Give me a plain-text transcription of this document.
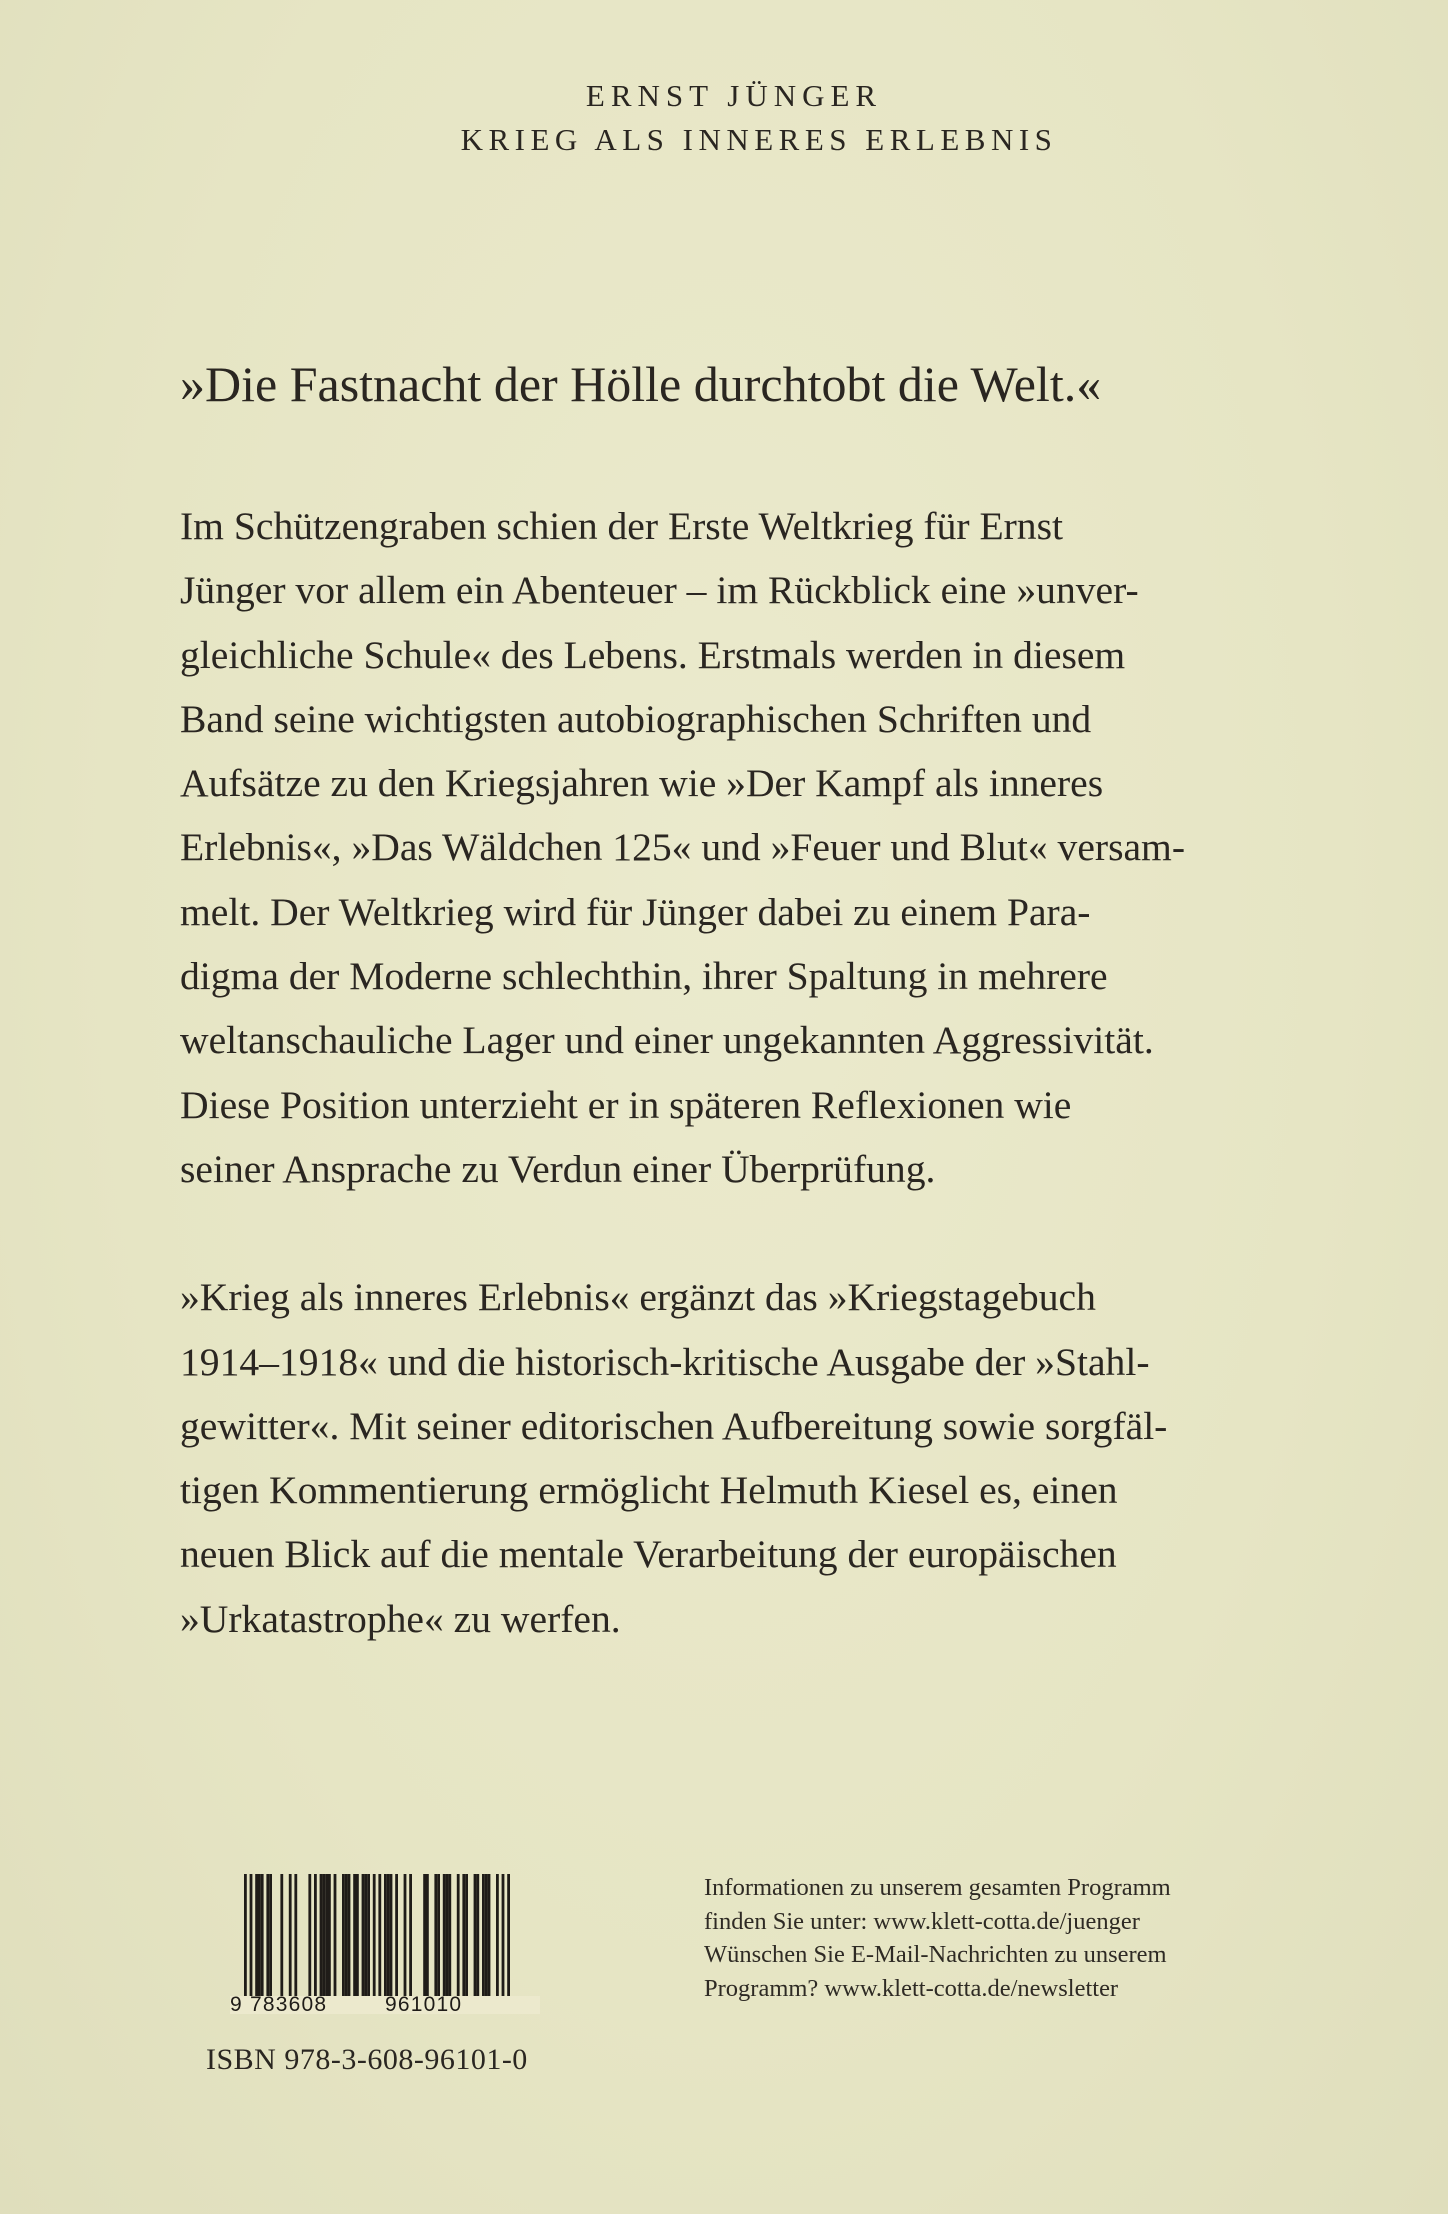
ERNST JÜNGER
KRIEG ALS INNERES ERLEBNIS
»Die Fastnacht der Hölle durchtobt die Welt.«

Im Schützengraben schien der Erste Weltkrieg für Ernst
Jünger vor allem ein Abenteuer – im Rückblick eine »unver-
gleichliche Schule« des Lebens. Erstmals werden in diesem
Band seine wichtigsten autobiographischen Schriften und
Aufsätze zu den Kriegsjahren wie »Der Kampf als inneres
Erlebnis«, »Das Wäldchen 125« und »Feuer und Blut« versam-
melt. Der Weltkrieg wird für Jünger dabei zu einem Para-
digma der Moderne schlechthin, ihrer Spaltung in mehrere
weltanschauliche Lager und einer ungekannten Aggressivität.
Diese Position unterzieht er in späteren Reflexionen wie
seiner Ansprache zu Verdun einer Überprüfung.

»Krieg als inneres Erlebnis« ergänzt das »Kriegstagebuch
1914–1918« und die historisch-kritische Ausgabe der »Stahl-
gewitter«. Mit seiner editorischen Aufbereitung sowie sorgfäl-
tigen Kommentierung ermöglicht Helmuth Kiesel es, einen
neuen Blick auf die mentale Verarbeitung der europäischen
»Urkatastrophe« zu werfen.

9 783608	961010
Informationen zu unserem gesamten Programm
finden Sie unter: www.klett-cotta.de/juenger
Wünschen Sie E-Mail-Nachrichten zu unserem
Programm? www.klett-cotta.de/newsletter
ISBN 978-3-608-96101-0
